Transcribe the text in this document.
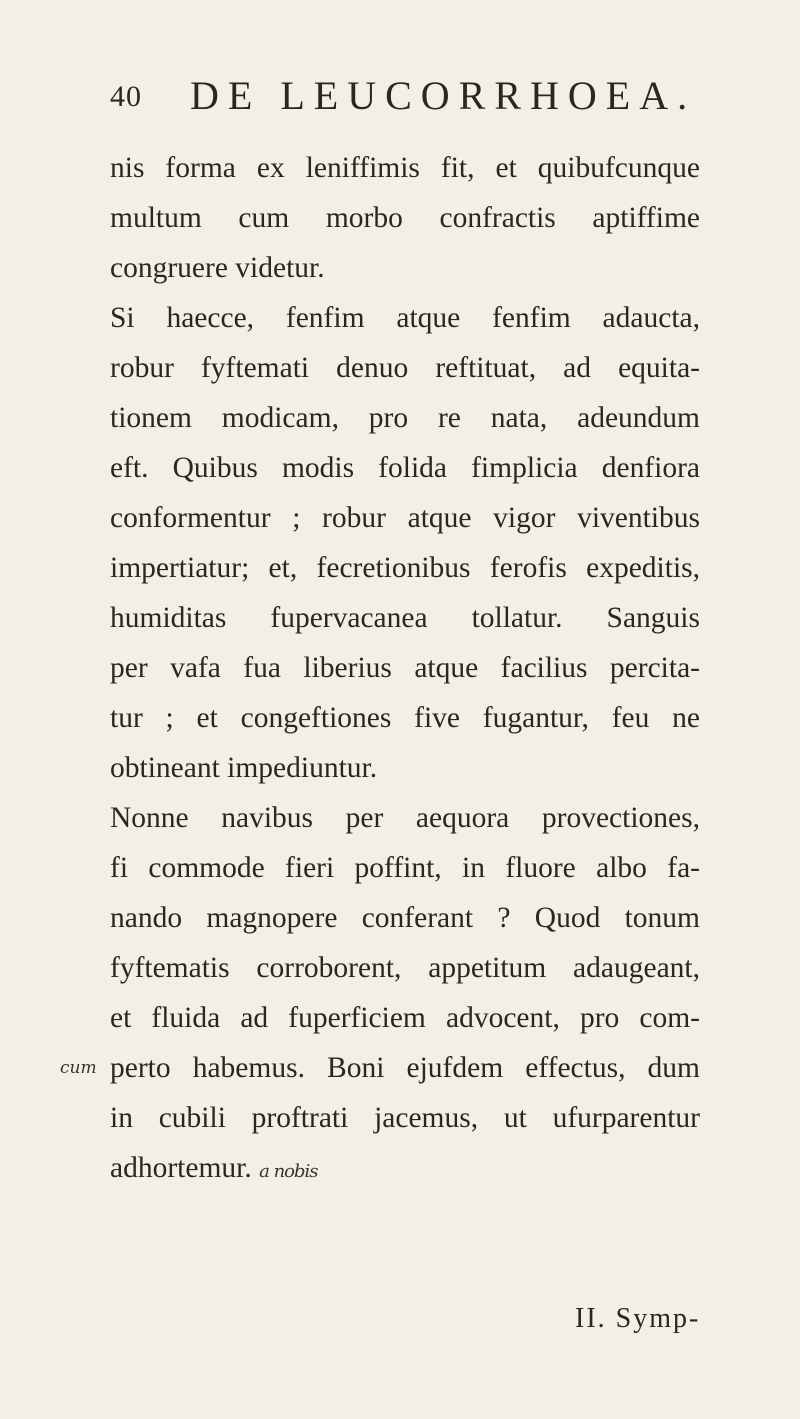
40 DE LEUCORRHOEA.
nis forma ex leniffimis fit, et quibufcunque
multum cum morbo confractis aptiffime
congruere videtur.
Si haecce, fenfim atque fenfim adaucta,
robur fyftemati denuo reftituat, ad equita-
tionem modicam, pro re nata, adeundum
eft. Quibus modis folida fimplicia denfiora
conformentur ; robur atque vigor viventibus
impertiatur; et, fecretionibus ferofis expeditis,
humiditas fupervacanea tollatur. Sanguis
per vafa fua liberius atque facilius percita-
tur ; et congeftiones five fugantur, feu ne
obtineant impediuntur.
Nonne navibus per aequora provectiones,
fi commode fieri poffint, in fluore albo fa-
nando magnopere conferant ? Quod tonum
fyftematis corroborent, appetitum adaugeant,
et fluida ad fuperficiem advocent, pro com-
perto habemus. Boni ejufdem effectus, dum
in cubili proftrati jacemus, ut ufurparentur
adhortemur. a nobis
cum
II. Symp-
